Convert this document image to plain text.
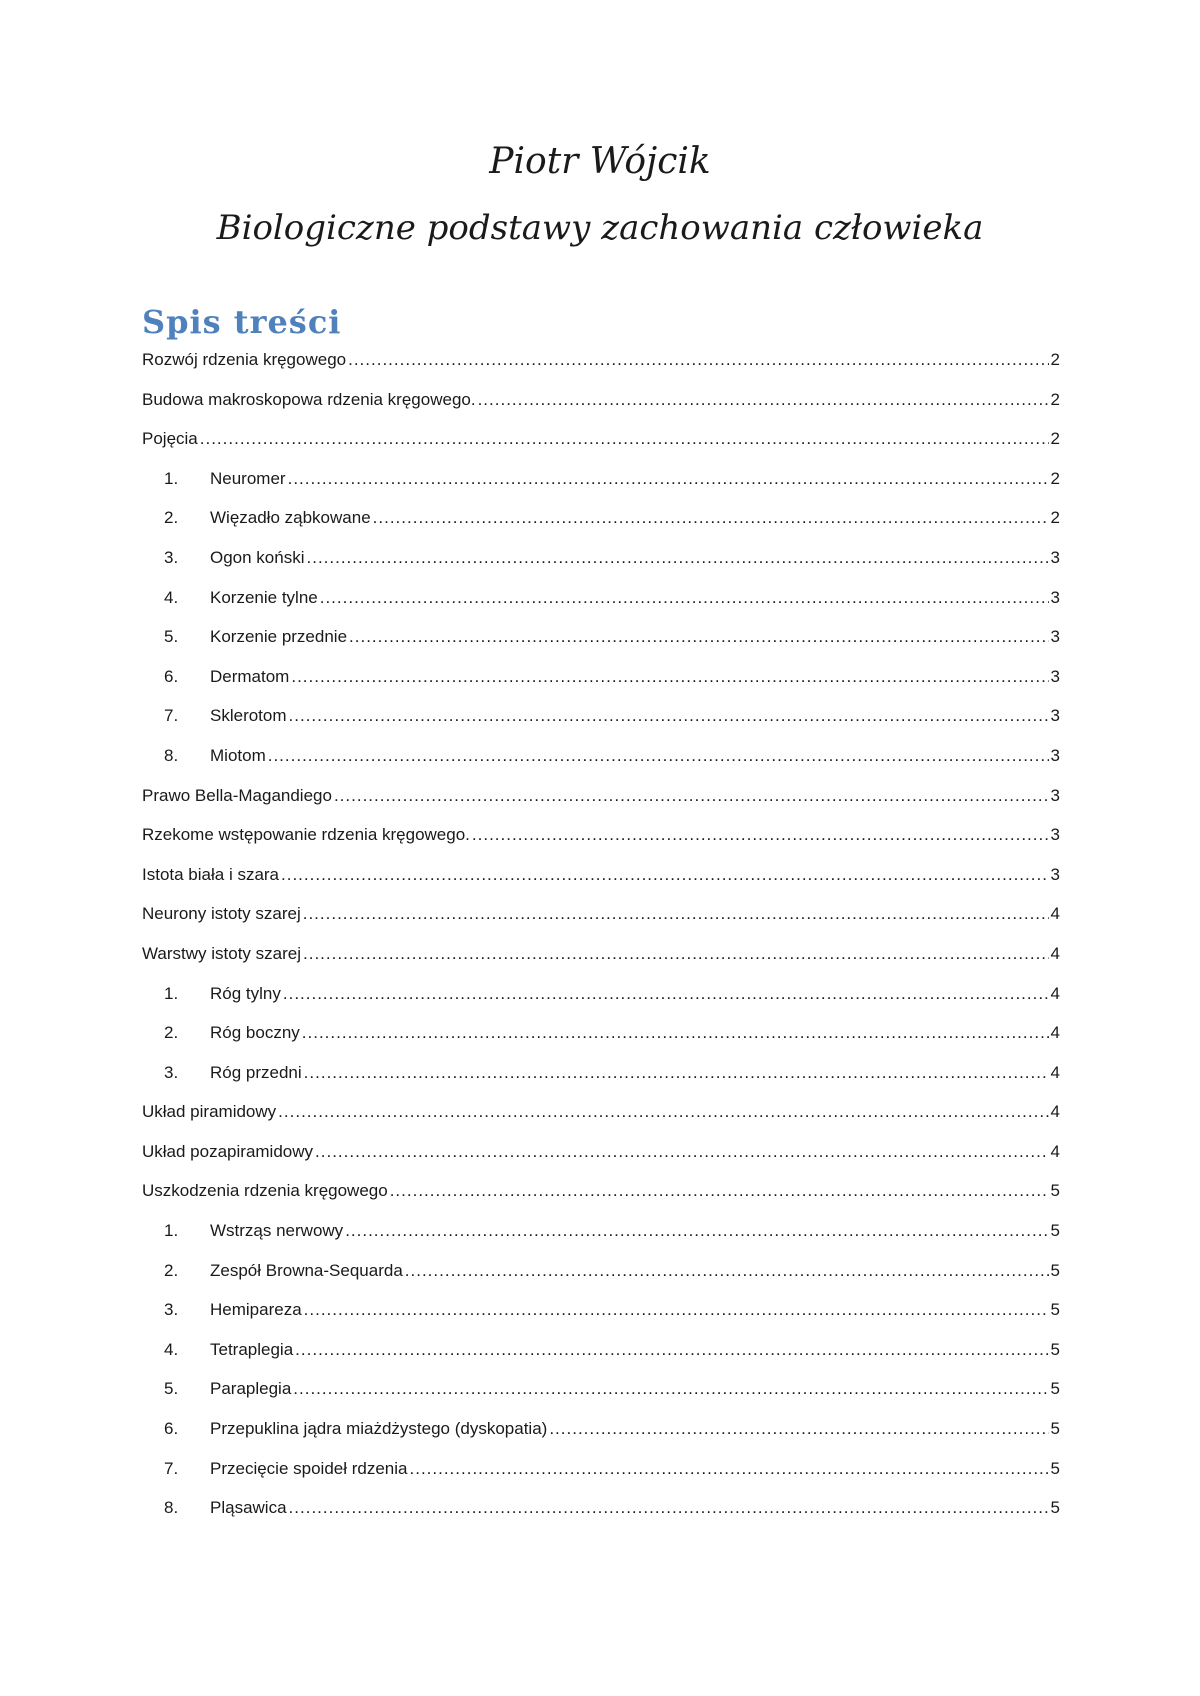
Piotr Wójcik
Biologiczne podstawy zachowania człowieka
Spis treści
Rozwój rdzenia kręgowego .....	2
Budowa makroskopowa rdzenia kręgowego. .....	2
Pojęcia .....	2
1.	Neuromer .....	2
2.	Więzadło ząbkowane .....	2
3.	Ogon koński .....	3
4.	Korzenie tylne .....	3
5.	Korzenie przednie .....	3
6.	Dermatom .....	3
7.	Sklerotom .....	3
8.	Miotom .....	3
Prawo Bella-Magandiego .....	3
Rzekome wstępowanie rdzenia kręgowego. .....	3
Istota biała i szara .....	3
Neurony istoty szarej .....	4
Warstwy istoty szarej .....	4
1.	Róg tylny .....	4
2.	Róg boczny .....	4
3.	Róg przedni .....	4
Układ piramidowy .....	4
Układ pozapiramidowy .....	4
Uszkodzenia rdzenia kręgowego .....	5
1.	Wstrząs nerwowy .....	5
2.	Zespół Browna-Sequarda .....	5
3.	Hemipareza .....	5
4.	Tetraplegia .....	5
5.	Paraplegia .....	5
6.	Przepuklina jądra miażdżystego (dyskopatia) .....	5
7.	Przecięcie spoideł rdzenia .....	5
8.	Pląsawica .....	5
